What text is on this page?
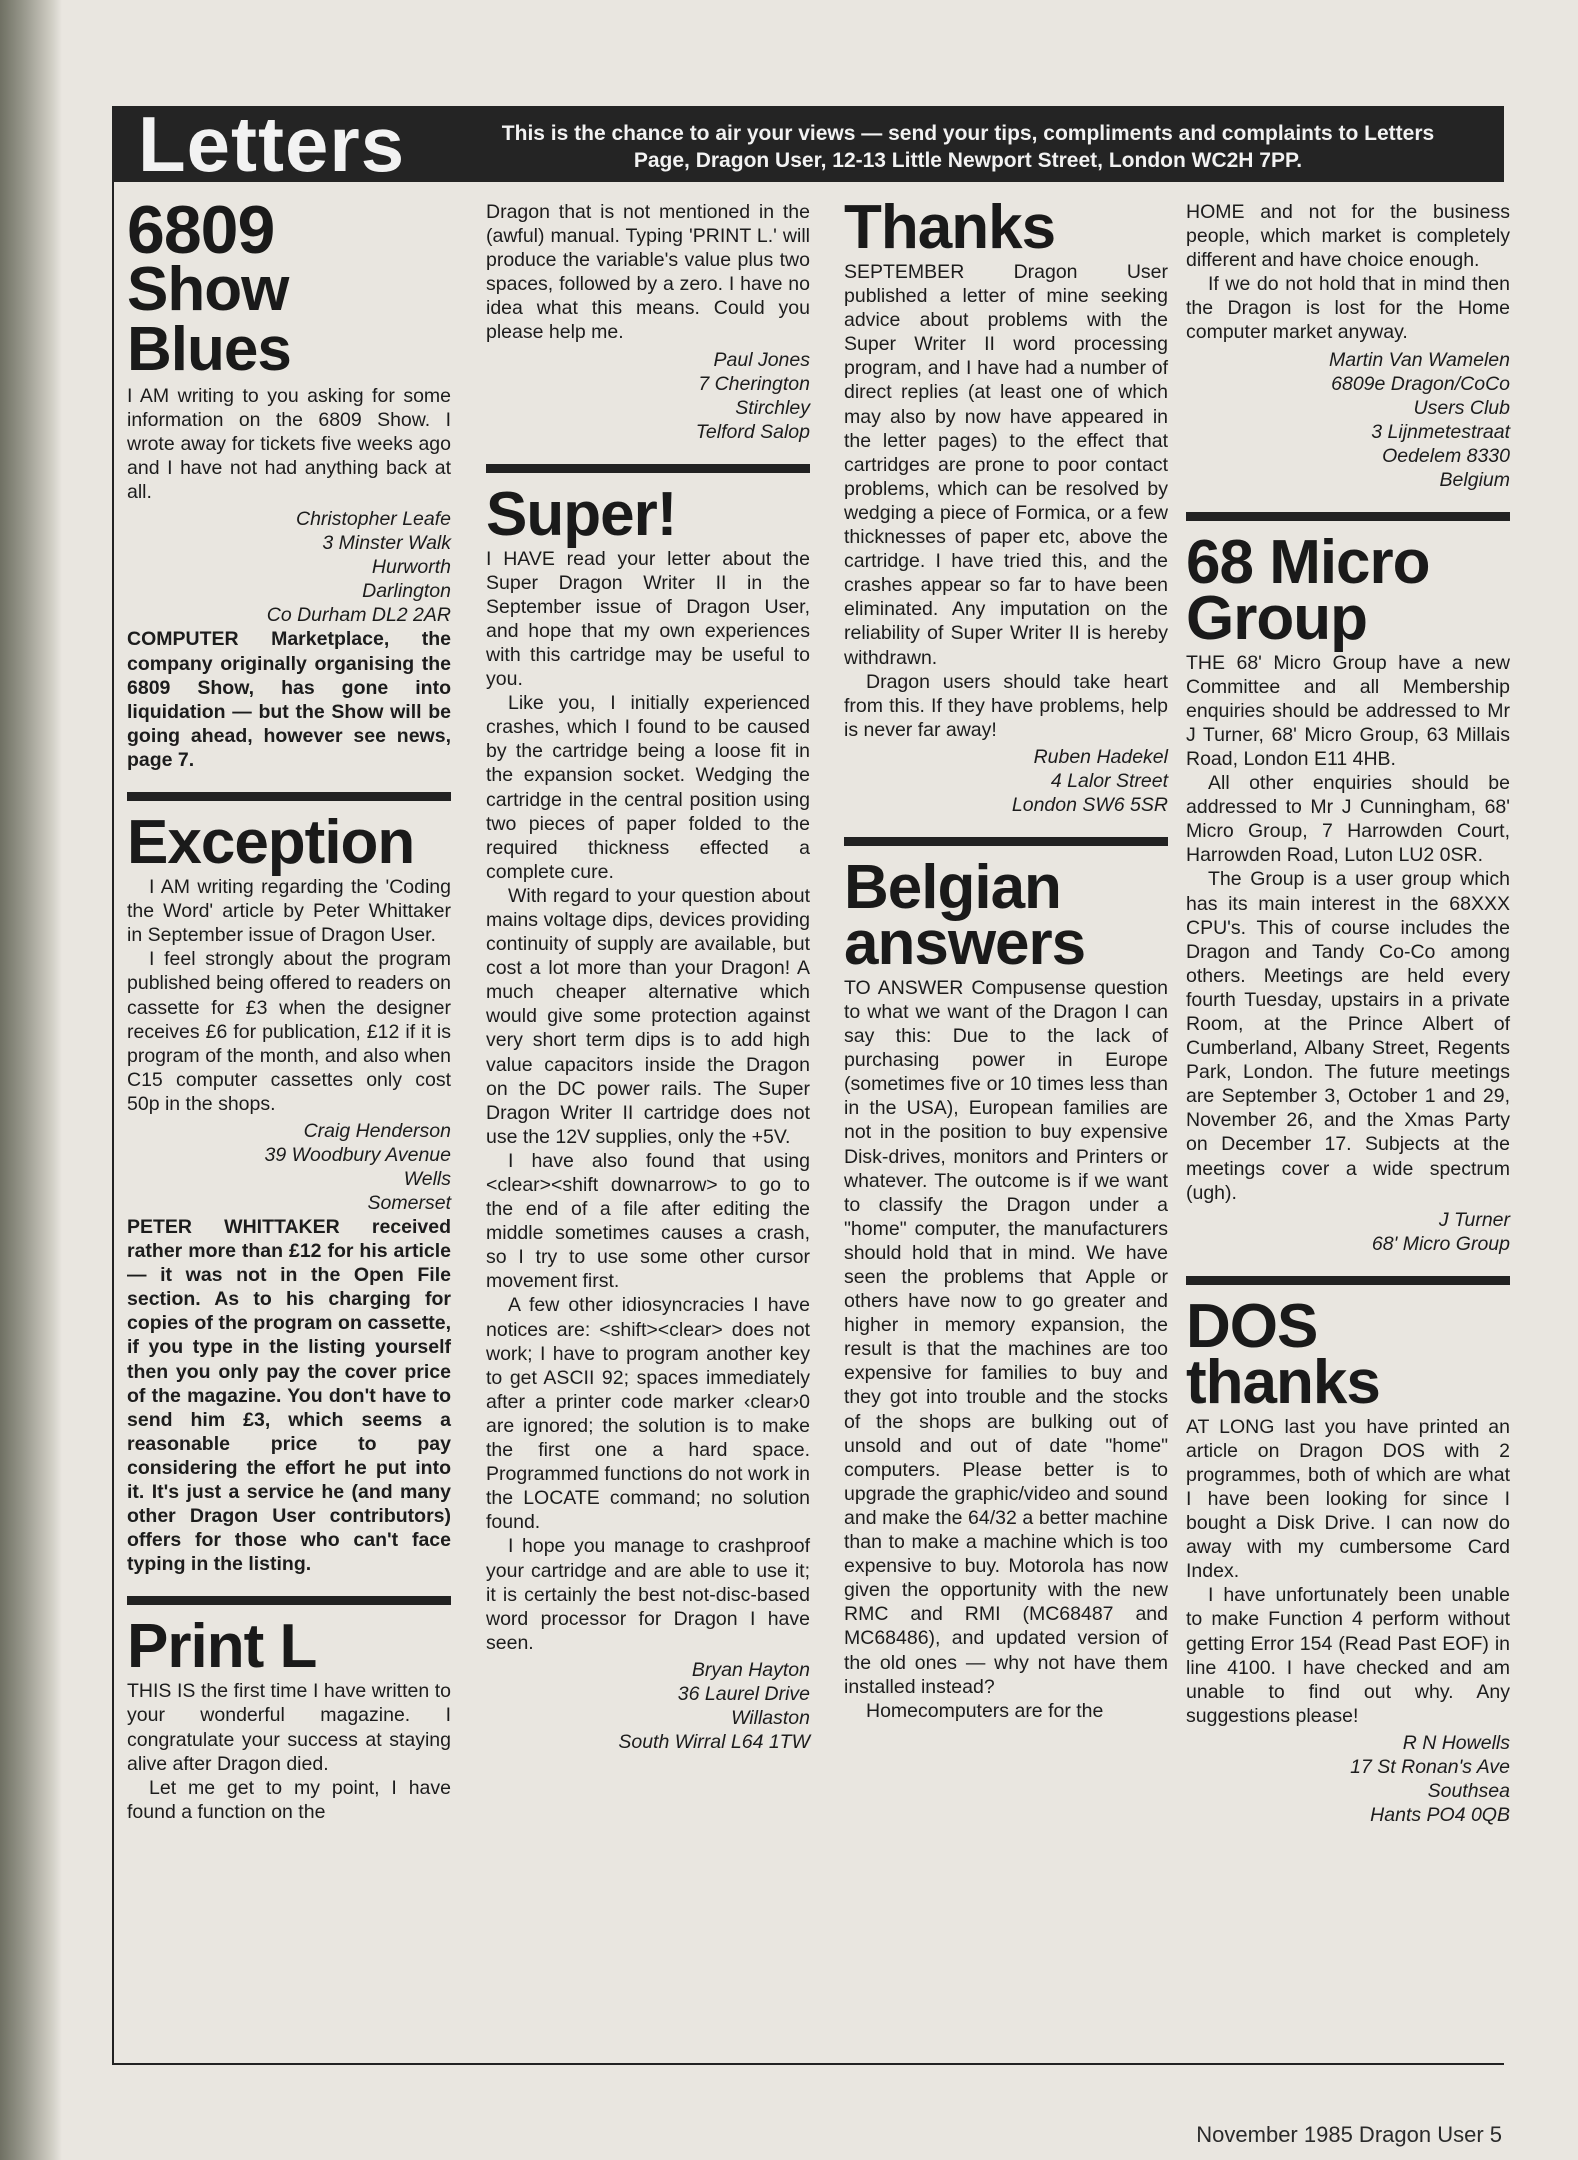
Letters	This is the chance to air your views — send your tips, compliments and complaints to Letters
Page, Dragon User, 12-13 Little Newport Street, London WC2H 7PP.
6809
Show Blues

I AM writing to you asking for some information on the 6809 Show. I wrote away for tickets five weeks ago and I have not had anything back at all.

Christopher Leafe
3 Minster Walk
Hurworth
Darlington
Co Durham DL2 2AR

COMPUTER Marketplace, the company originally organising the 6809 Show, has gone into liquidation — but the Show will be going ahead, however see news, page 7.

Exception

I AM writing regarding the 'Coding the Word' article by Peter Whittaker in September issue of Dragon User.

I feel strongly about the program published being offered to readers on cassette for £3 when the designer receives £6 for publication, £12 if it is program of the month, and also when C15 computer cassettes only cost 50p in the shops.

Craig Henderson
39 Woodbury Avenue
Wells
Somerset

PETER WHITTAKER received rather more than £12 for his article — it was not in the Open File section. As to his charging for copies of the program on cassette, if you type in the listing yourself then you only pay the cover price of the magazine. You don't have to send him £3, which seems a reasonable price to pay considering the effort he put into it. It's just a service he (and many other Dragon User contributors) offers for those who can't face typing in the listing.

Print L

THIS IS the first time I have written to your wonderful magazine. I congratulate your success at staying alive after Dragon died.

Let me get to my point, I have found a function on the

Dragon that is not mentioned in the (awful) manual. Typing 'PRINT L.' will produce the variable's value plus two spaces, followed by a zero. I have no idea what this means. Could you please help me.

Paul Jones
7 Cherington
Stirchley
Telford Salop
Super!

I HAVE read your letter about the Super Dragon Writer II in the September issue of Dragon User, and hope that my own experiences with this cartridge may be useful to you.

Like you, I initially experienced crashes, which I found to be caused by the cartridge being a loose fit in the expansion socket. Wedging the cartridge in the central position using two pieces of paper folded to the required thickness effected a complete cure.

With regard to your question about mains voltage dips, devices providing continuity of supply are available, but cost a lot more than your Dragon! A much cheaper alternative which would give some protection against very short term dips is to add high value capacitors inside the Dragon on the DC power rails. The Super Dragon Writer II cartridge does not use the 12V supplies, only the +5V.

I have also found that using <clear><shift downarrow> to go to the end of a file after editing the middle sometimes causes a crash, so I try to use some other cursor movement first.

A few other idiosyncracies I have notices are: <shift><clear> does not work; I have to program another key to get ASCII 92; spaces immediately after a printer code marker ‹clear›0 are ignored; the solution is to make the first one a hard space. Programmed functions do not work in the LOCATE command; no solution found.

I hope you manage to crashproof your cartridge and are able to use it; it is certainly the best not-disc-based word processor for Dragon I have seen.

Bryan Hayton
36 Laurel Drive
Willaston
South Wirral L64 1TW
Thanks

SEPTEMBER Dragon User published a letter of mine seeking advice about problems with the Super Writer II word processing program, and I have had a number of direct replies (at least one of which may also by now have appeared in the letter pages) to the effect that cartridges are prone to poor contact problems, which can be resolved by wedging a piece of Formica, or a few thicknesses of paper etc, above the cartridge. I have tried this, and the crashes appear so far to have been eliminated. Any imputation on the reliability of Super Writer II is hereby withdrawn.

Dragon users should take heart from this. If they have problems, help is never far away!

Ruben Hadekel
4 Lalor Street
London SW6 5SR
Belgian
answers

TO ANSWER Compusense question to what we want of the Dragon I can say this: Due to the lack of purchasing power in Europe (sometimes five or 10 times less than in the USA), European families are not in the position to buy expensive Disk-drives, monitors and Printers or whatever. The outcome is if we want to classify the Dragon under a "home" computer, the manufacturers should hold that in mind. We have seen the problems that Apple or others have now to go greater and higher in memory expansion, the result is that the machines are too expensive for families to buy and they got into trouble and the stocks of the shops are bulking out of unsold and out of date "home" computers. Please better is to upgrade the graphic/video and sound and make the 64/32 a better machine than to make a machine which is too expensive to buy. Motorola has now given the opportunity with the new RMC and RMI (MC68487 and MC68486), and updated version of the old ones — why not have them installed instead?

Homecomputers are for the

HOME and not for the business people, which market is completely different and have choice enough.

If we do not hold that in mind then the Dragon is lost for the Home computer market anyway.

Martin Van Wamelen
6809e Dragon/CoCo
Users Club
3 Lijnmetestraat
Oedelem 8330
Belgium
68 Micro
Group

THE 68' Micro Group have a new Committee and all Membership enquiries should be addressed to Mr J Turner, 68' Micro Group, 63 Millais Road, London E11 4HB.

All other enquiries should be addressed to Mr J Cunningham, 68' Micro Group, 7 Harrowden Court, Harrowden Road, Luton LU2 0SR.

The Group is a user group which has its main interest in the 68XXX CPU's. This of course includes the Dragon and Tandy Co-Co among others. Meetings are held every fourth Tuesday, upstairs in a private Room, at the Prince Albert of Cumberland, Albany Street, Regents Park, London. The future meetings are September 3, October 1 and 29, November 26, and the Xmas Party on December 17. Subjects at the meetings cover a wide spectrum (ugh).

J Turner
68' Micro Group
DOS
thanks

AT LONG last you have printed an article on Dragon DOS with 2 programmes, both of which are what I have been looking for since I bought a Disk Drive. I can now do away with my cumbersome Card Index.

I have unfortunately been unable to make Function 4 perform without getting Error 154 (Read Past EOF) in line 4100. I have checked and am unable to find out why. Any suggestions please!

R N Howells
17 St Ronan's Ave
Southsea
Hants PO4 0QB
November 1985 Dragon User 5
